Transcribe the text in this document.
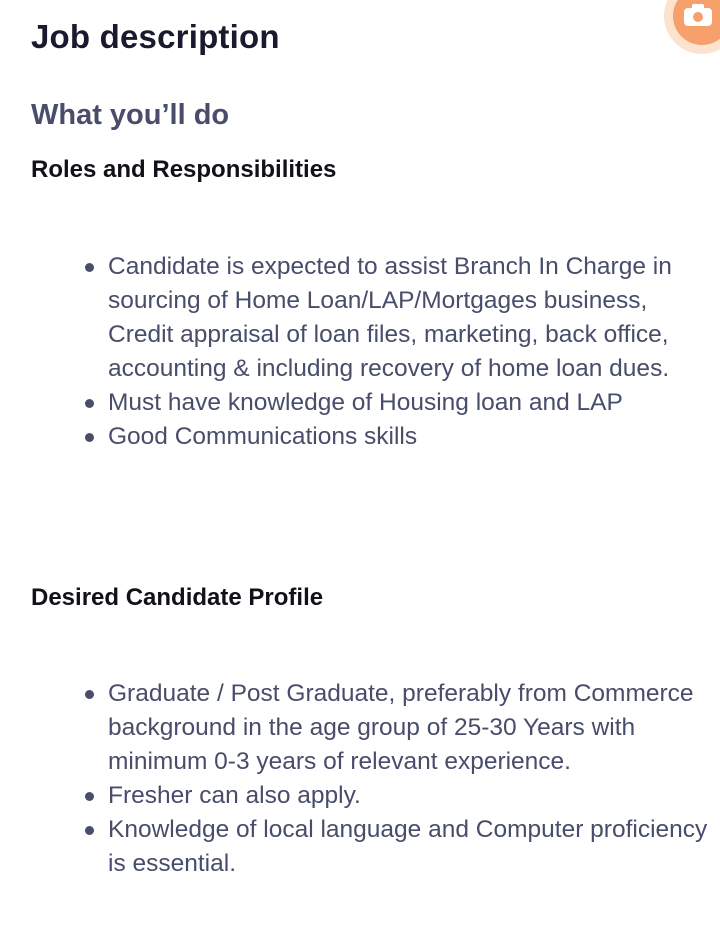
Job description
What you’ll do
Roles and Responsibilities
Candidate is expected to assist Branch In Charge in sourcing of Home Loan/LAP/Mortgages business, Credit appraisal of loan files, marketing, back office, accounting & including recovery of home loan dues.
Must have knowledge of Housing loan and LAP
Good Communications skills
Desired Candidate Profile
Graduate / Post Graduate, preferably from Commerce background in the age group of 25-30 Years with minimum 0-3 years of relevant experience.
Fresher can also apply.
Knowledge of local language and Computer proficiency is essential.
